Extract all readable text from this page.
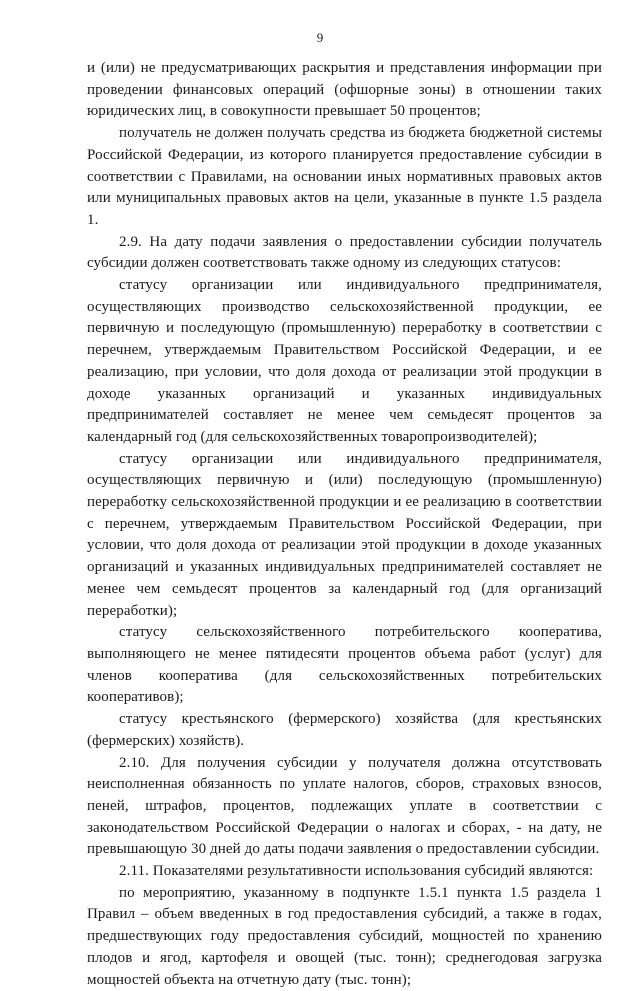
9

и (или) не предусматривающих раскрытия и представления информации при проведении финансовых операций (офшорные зоны) в отношении таких юридических лиц, в совокупности превышает 50 процентов;

получатель не должен получать средства из бюджета бюджетной системы Российской Федерации, из которого планируется предоставление субсидии в соответствии с Правилами, на основании иных нормативных правовых актов или муниципальных правовых актов на цели, указанные в пункте 1.5 раздела 1.

2.9. На дату подачи заявления о предоставлении субсидии получатель субсидии должен соответствовать также одному из следующих статусов:

статусу организации или индивидуального предпринимателя, осуществляющих производство сельскохозяйственной продукции, ее первичную и последующую (промышленную) переработку в соответствии с перечнем, утверждаемым Правительством Российской Федерации, и ее реализацию, при условии, что доля дохода от реализации этой продукции в доходе указанных организаций и указанных индивидуальных предпринимателей составляет не менее чем семьдесят процентов за календарный год (для сельскохозяйственных товаропроизводителей);

статусу организации или индивидуального предпринимателя, осуществляющих первичную и (или) последующую (промышленную) переработку сельскохозяйственной продукции и ее реализацию в соответствии с перечнем, утверждаемым Правительством Российской Федерации, при условии, что доля дохода от реализации этой продукции в доходе указанных организаций и указанных индивидуальных предпринимателей составляет не менее чем семьдесят процентов за календарный год (для организаций переработки);

статусу сельскохозяйственного потребительского кооператива, выполняющего не менее пятидесяти процентов объема работ (услуг) для членов кооператива (для сельскохозяйственных потребительских кооперативов);

статусу крестьянского (фермерского) хозяйства (для крестьянских (фермерских) хозяйств).

2.10. Для получения субсидии у получателя должна отсутствовать неисполненная обязанность по уплате налогов, сборов, страховых взносов, пеней, штрафов, процентов, подлежащих уплате в соответствии с законодательством Российской Федерации о налогах и сборах, - на дату, не превышающую 30 дней до даты подачи заявления о предоставлении субсидии.

2.11. Показателями результативности использования субсидий являются:

по мероприятию, указанному в подпункте 1.5.1 пункта 1.5 раздела 1 Правил – объем введенных в год предоставления субсидий, а также в годах, предшествующих году предоставления субсидий, мощностей по хранению плодов и ягод, картофеля и овощей (тыс. тонн); среднегодовая загрузка мощностей объекта на отчетную дату (тыс. тонн);
